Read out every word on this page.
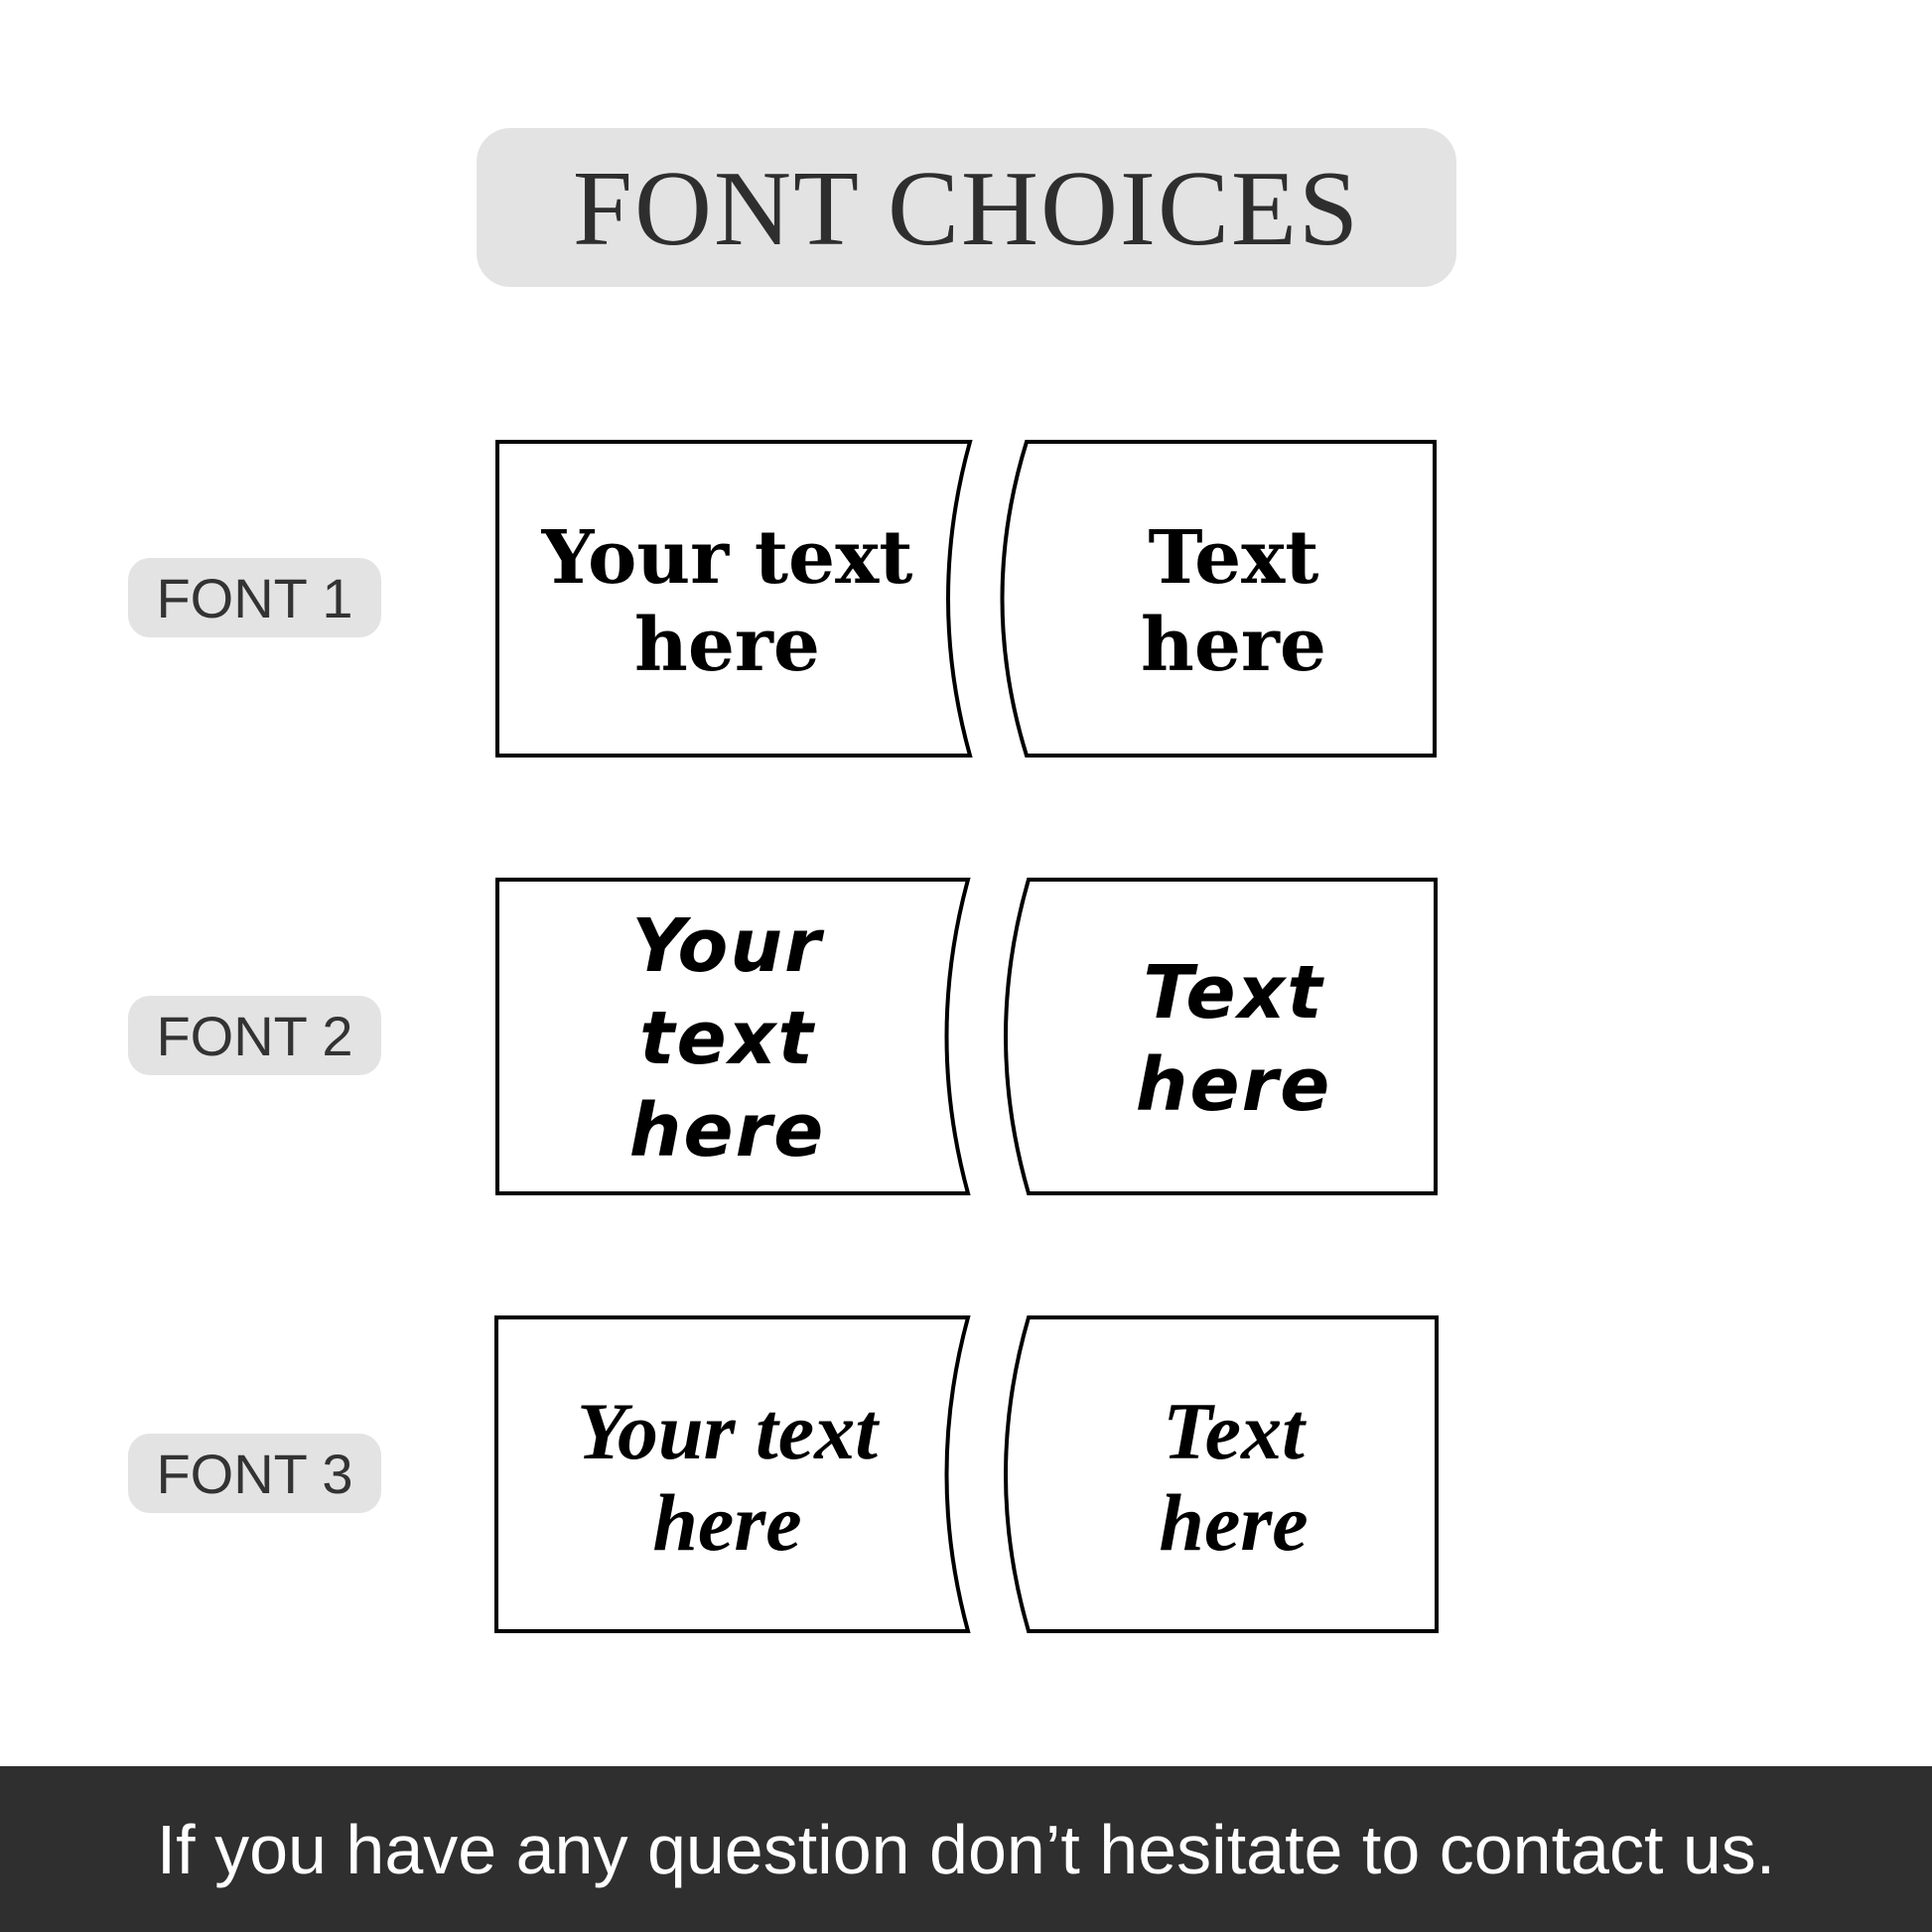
FONT CHOICES
FONT 1	Your text
here
Text
here
FONT 2
Your
text
here
Text
here
FONT 3	Your text
here
Text
here
If you have any question don’t hesitate to contact us.
